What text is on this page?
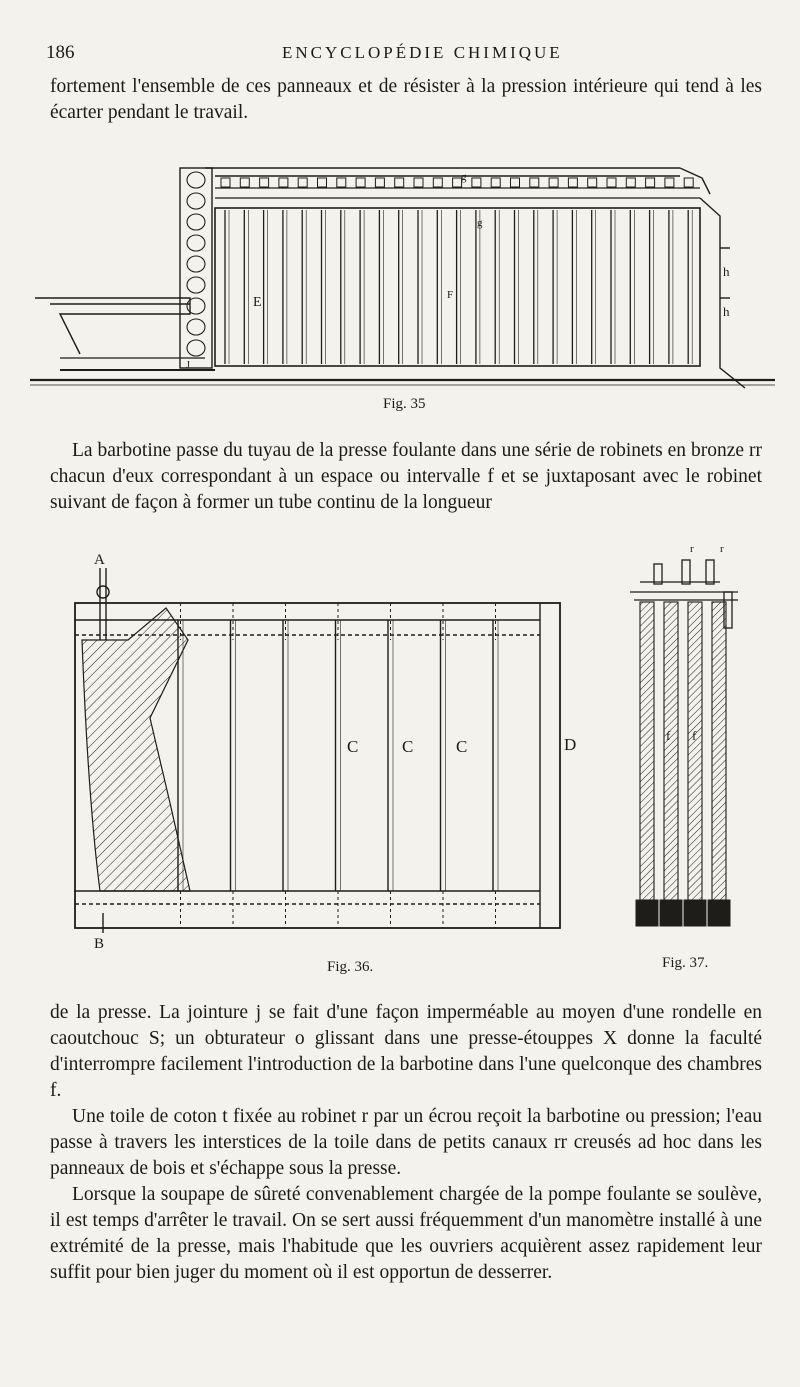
186	ENCYCLOPÉDIE CHIMIQUE

fortement l'ensemble de ces panneaux et de résister à la pression intérieure qui tend à les écarter pendant le travail.

E	F
g
g
h
h
J
Fig. 35

La barbotine passe du tuyau de la presse foulante dans une série de robinets en bronze rr chacun d'eux correspondant à un espace ou intervalle f et se juxtaposant avec le robinet suivant de façon à former un tube continu de la longueur

A
B
C	C	C	D
Fig. 36.
r r
f f
Fig. 37.

de la presse. La jointure j se fait d'une façon imperméable au moyen d'une rondelle en caoutchouc S; un obturateur o glissant dans une presse-étouppes X donne la faculté d'interrompre facilement l'introduction de la barbotine dans l'une quelconque des chambres f.

Une toile de coton t fixée au robinet r par un écrou reçoit la barbotine ou pression; l'eau passe à travers les interstices de la toile dans de petits canaux rr creusés ad hoc dans les panneaux de bois et s'échappe sous la presse.

Lorsque la soupape de sûreté convenablement chargée de la pompe foulante se soulève, il est temps d'arrêter le travail. On se sert aussi fréquemment d'un manomètre installé à une extrémité de la presse, mais l'habitude que les ouvriers acquièrent assez rapidement leur suffit pour bien juger du moment où il est opportun de desserrer.
